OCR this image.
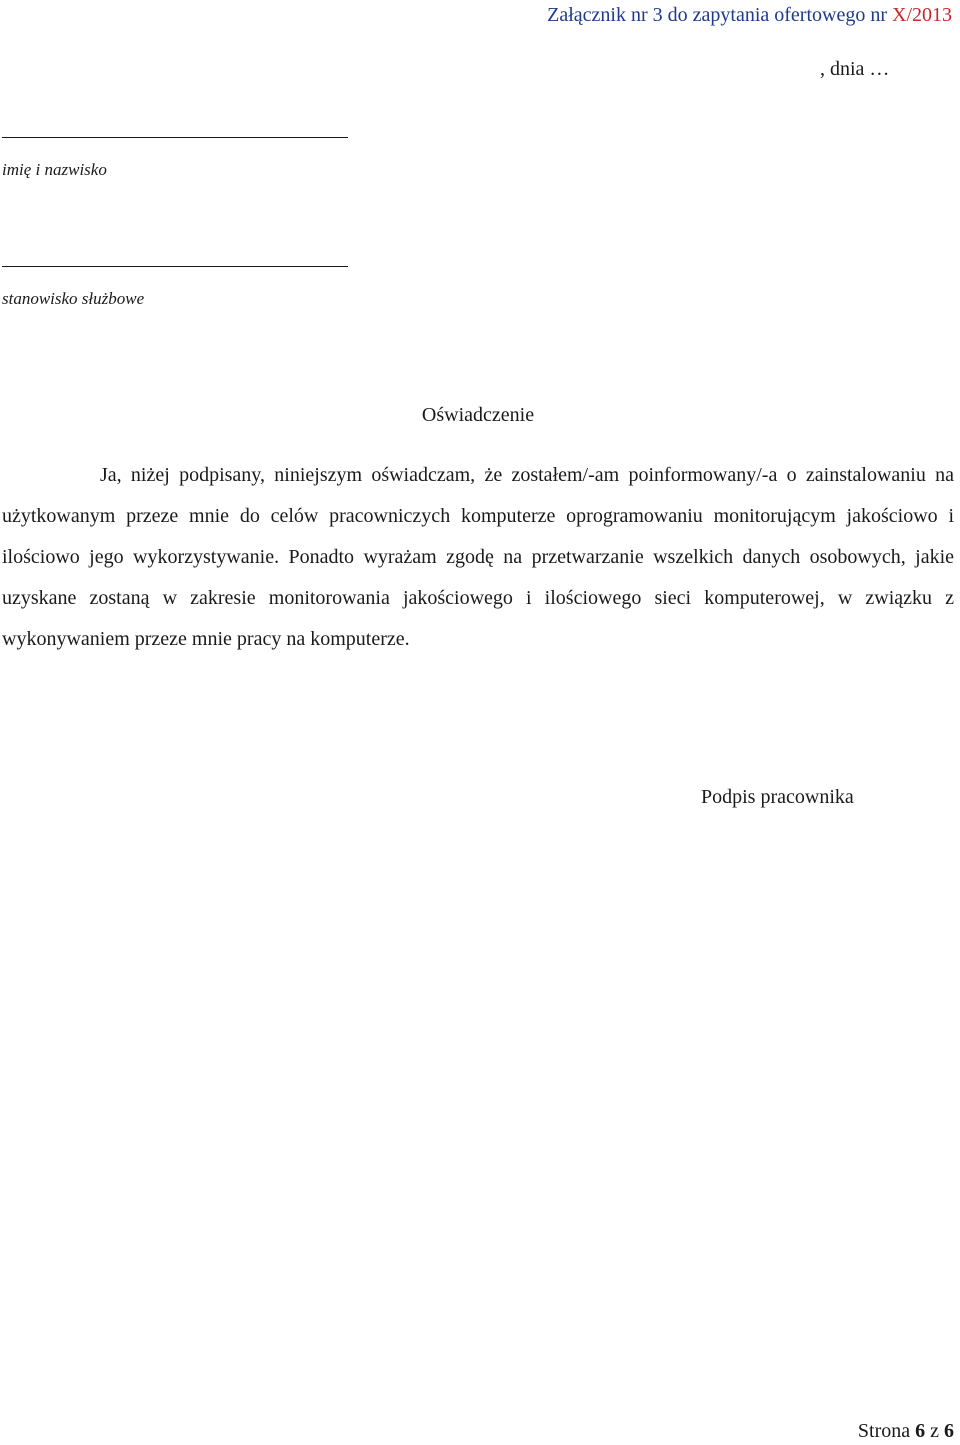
Załącznik nr 3 do zapytania ofertowego nr X/2013
, dnia …
imię i nazwisko
stanowisko służbowe
Oświadczenie

Ja, niżej podpisany, niniejszym oświadczam, że zostałem/-am poinformowany/-a o zainstalowaniu na użytkowanym przeze mnie do celów pracowniczych komputerze oprogramowaniu monitorującym jakościowo i ilościowo jego wykorzystywanie. Ponadto wyrażam zgodę na przetwarzanie wszelkich danych osobowych, jakie uzyskane zostaną w zakresie monitorowania jakościowego i ilościowego sieci komputerowej, w związku z wykonywaniem przeze mnie pracy na komputerze.

Podpis pracownika
Strona 6 z 6
